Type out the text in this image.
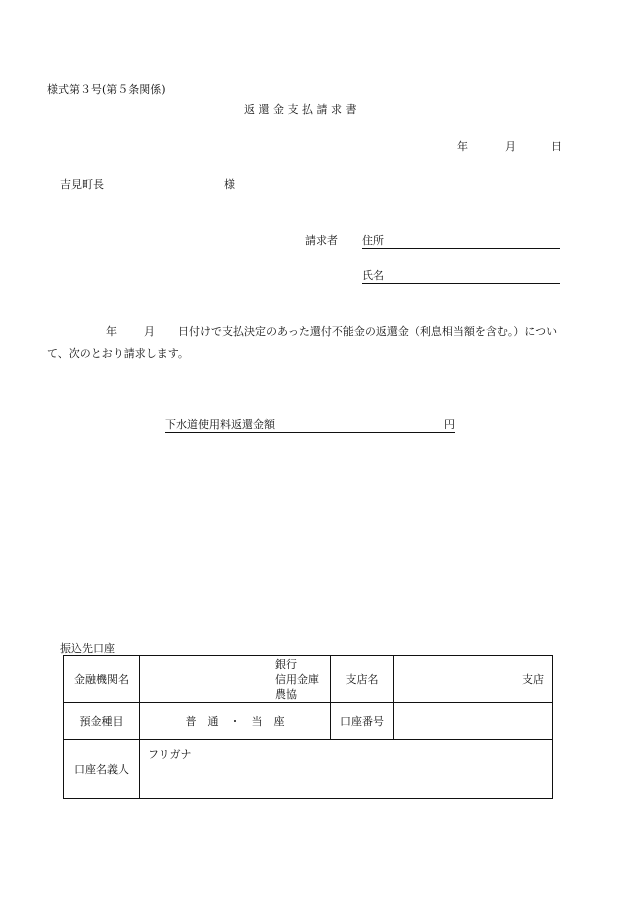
様式第３号(第５条関係)
返 還 金 支 払 請 求 書
年	月	日
吉見町長	様
請求者 住所
氏名
年 月 日付けで支払決定のあった還付不能金の返還金（利息相当額を含む。）につい
て、次のとおり請求します。
下水道使用料返還金額	円
振込先口座
金融機関名	銀行
信用金庫
農協	支店名	支店
預金種目	普　通　・　当　座	口座番号	
口座名義人	フリガナ		
